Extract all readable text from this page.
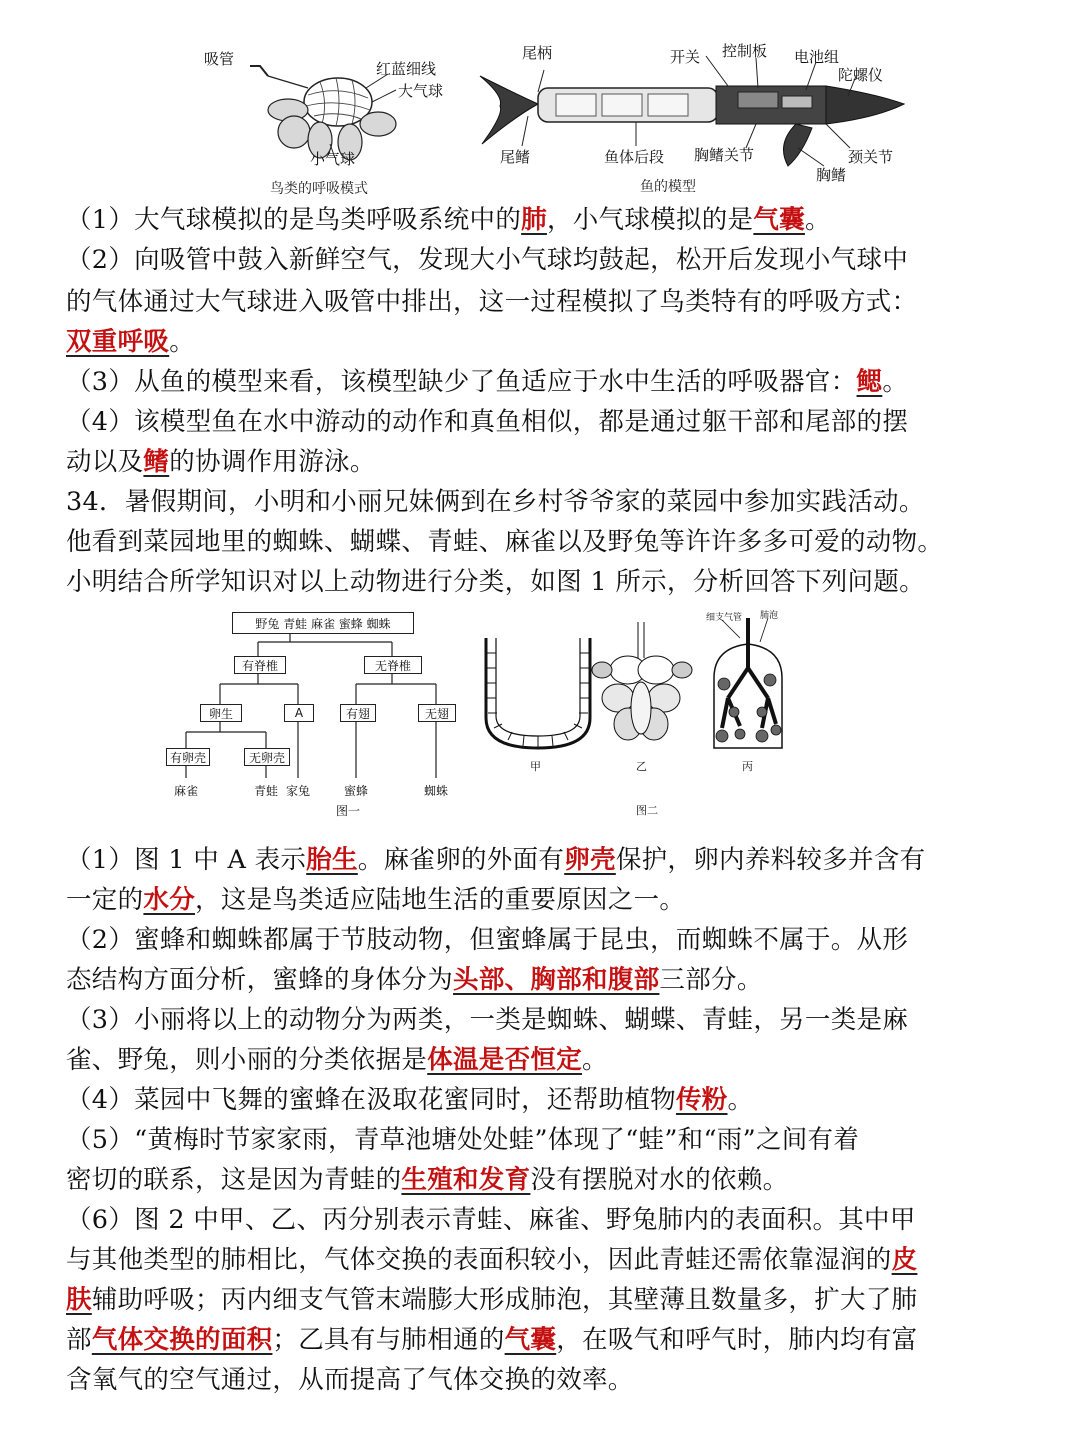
吸管
红蓝细线
大气球
小气球
鸟类的呼吸模式
尾柄	开关 控制板 电池组
陀螺仪
尾鳍	鱼体后段 胸鳍关节	颈关节
胸鳍
鱼的模型
（1）大气球模拟的是鸟类呼吸系统中的肺，小气球模拟的是气囊。
（2）向吸管中鼓入新鲜空气，发现大小气球均鼓起，松开后发现小气球中
的气体通过大气球进入吸管中排出，这一过程模拟了鸟类特有的呼吸方式：
双重呼吸。
（3）从鱼的模型来看，该模型缺少了鱼适应于水中生活的呼吸器官：鳃。
（4）该模型鱼在水中游动的动作和真鱼相似，都是通过躯干部和尾部的摆
动以及鳍的协调作用游泳。
34．暑假期间，小明和小丽兄妹俩到在乡村爷爷家的菜园中参加实践活动。
他看到菜园地里的蜘蛛、蝴蝶、青蛙、麻雀以及野兔等许许多多可爱的动物。
小明结合所学知识对以上动物进行分类，如图 1 所示，分析回答下列问题。
野兔 青蛙 麻雀 蜜蜂 蜘蛛
有脊椎	无脊椎
卵生	A	有翅	无翅
有卵壳	无卵壳
麻雀	青蛙 家兔	蜜蜂	蜘蛛
图一
甲	乙	丙
细支气管 肺泡
图二
（1）图 1 中 A 表示胎生。麻雀卵的外面有卵壳保护，卵内养料较多并含有
一定的水分，这是鸟类适应陆地生活的重要原因之一。
（2）蜜蜂和蜘蛛都属于节肢动物，但蜜蜂属于昆虫，而蜘蛛不属于。从形
态结构方面分析，蜜蜂的身体分为头部、胸部和腹部三部分。
（3）小丽将以上的动物分为两类，一类是蜘蛛、蝴蝶、青蛙，另一类是麻
雀、野兔，则小丽的分类依据是体温是否恒定。
（4）菜园中飞舞的蜜蜂在汲取花蜜同时，还帮助植物传粉。
（5）“黄梅时节家家雨，青草池塘处处蛙”体现了“蛙”和“雨”之间有着
密切的联系，这是因为青蛙的生殖和发育没有摆脱对水的依赖。
（6）图 2 中甲、乙、丙分别表示青蛙、麻雀、野兔肺内的表面积。其中甲
与其他类型的肺相比，气体交换的表面积较小，因此青蛙还需依靠湿润的皮
肤辅助呼吸；丙内细支气管末端膨大形成肺泡，其壁薄且数量多，扩大了肺
部气体交换的面积；乙具有与肺相通的气囊，在吸气和呼气时，肺内均有富
含氧气的空气通过，从而提高了气体交换的效率。
